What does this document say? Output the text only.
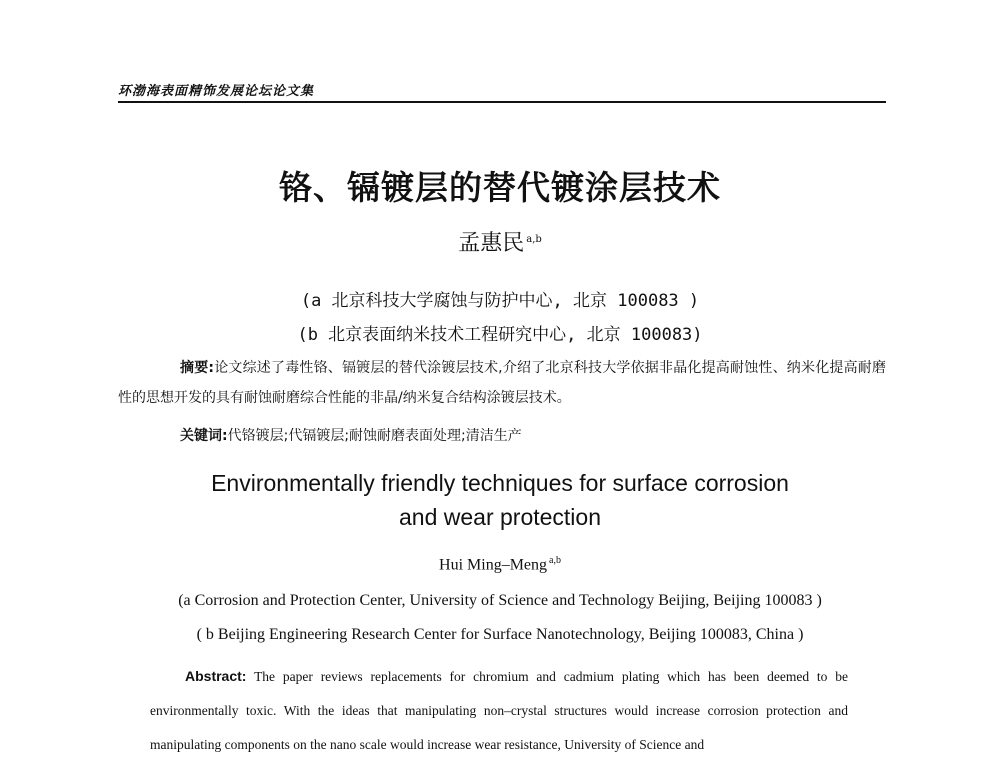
环渤海表面精饰发展论坛论文集
铬、镉镀层的替代镀涂层技术
孟惠民 $^{a,b}$
(a 北京科技大学腐蚀与防护中心, 北京 100083 )
(b 北京表面纳米技术工程研究中心, 北京 100083)
摘要:论文综述了毒性铬、镉镀层的替代涂镀层技术,介绍了北京科技大学依据非晶化提高耐蚀性、纳米化提高耐磨性的思想开发的具有耐蚀耐磨综合性能的非晶/纳米复合结构涂镀层技术。
关键词:代铬镀层;代镉镀层;耐蚀耐磨表面处理;清洁生产
Environmentally friendly techniques for surface corrosion
and wear protection
Hui Ming–Meng $^{a,b}$
(a Corrosion and Protection Center, University of Science and Technology Beijing, Beijing 100083 )
( b Beijing Engineering Research Center for Surface Nanotechnology, Beijing 100083, China )
Abstract: The paper reviews replacements for chromium and cadmium plating which has been deemed to be environmentally toxic. With the ideas that manipulating non–crystal structures would increase corrosion protection and manipulating components on the nano scale would increase wear resistance, University of Science and
